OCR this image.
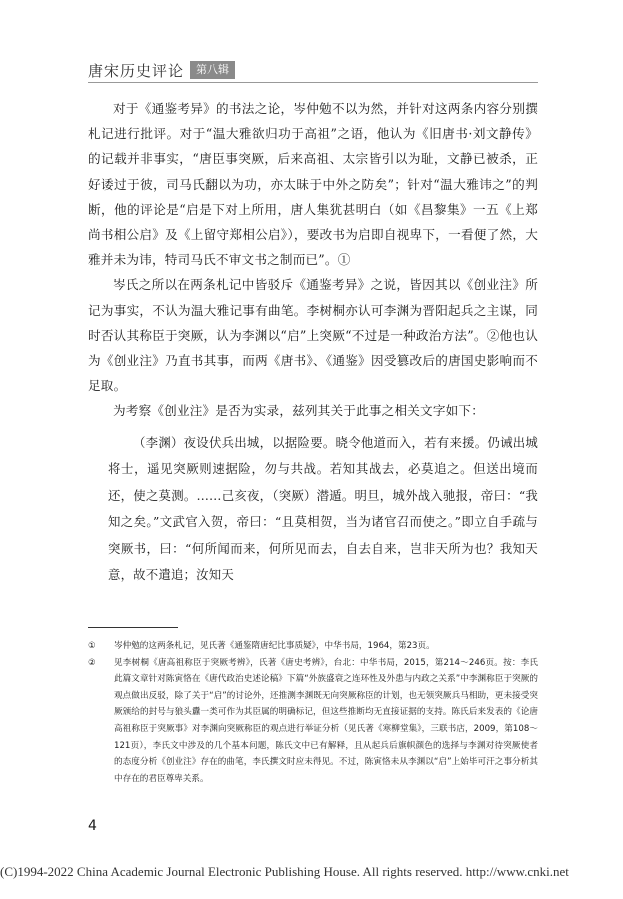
唐宋历史评论	第八辑

对于《通鉴考异》的书法之论，岑仲勉不以为然，并针对这两条内容分别撰札记进行批评。对于“温大雅欲归功于高祖”之语，他认为《旧唐书·刘文静传》的记载并非事实，“唐臣事突厥，后来高祖、太宗皆引以为耻，文静已被杀，正好诿过于彼，司马氏翻以为功，亦太昧于中外之防矣”；针对“温大雅讳之”的判断，他的评论是“启是下对上所用，唐人集犹甚明白（如《昌黎集》一五《上郑尚书相公启》及《上留守郑相公启》），要改书为启即自视卑下，一看便了然，大雅并未为讳，特司马氏不审文书之制而已”。①

岑氏之所以在两条札记中皆驳斥《通鉴考异》之说，皆因其以《创业注》所记为事实，不认为温大雅记事有曲笔。李树桐亦认可李渊为晋阳起兵之主谋，同时否认其称臣于突厥，认为李渊以“启”上突厥“不过是一种政治方法”。②他也认为《创业注》乃直书其事，而两《唐书》、《通鉴》因受篡改后的唐国史影响而不足取。

为考察《创业注》是否为实录，兹列其关于此事之相关文字如下：

（李渊）夜设伏兵出城，以据险要。晓令他道而入，若有来援。仍诫出城将士，遥见突厥则速据险，勿与共战。若知其战去，必莫追之。但送出境而还，使之莫测。……己亥夜，（突厥）潜遁。明旦，城外战入驰报，帝曰：“我知之矣。”文武官入贺，帝曰：“且莫相贺，当为诸官召而使之。”即立自手疏与突厥书，曰：“何所闻而来，何所见而去，自去自来，岂非天所为也？我知天意，故不遣追；汝知天

①	岑仲勉的这两条札记，见氏著《通鉴隋唐纪比事质疑》，中华书局，1964，第23页。
②	见李树桐《唐高祖称臣于突厥考辨》，氏著《唐史考辨》，台北：中华书局，2015，第214～246页。按：李氏此篇文章针对陈寅恪在《唐代政治史述论稿》下篇“外族盛衰之连环性及外患与内政之关系”中李渊称臣于突厥的观点做出反驳，除了关于“启”的讨论外，还推测李渊既无向突厥称臣的计划，也无领突厥兵马相助，更未接受突厥颁给的封号与狼头纛一类可作为其臣属的明确标记，但这些推断均无直接证据的支持。陈氏后来发表的《论唐高祖称臣于突厥事》对李渊向突厥称臣的观点进行举证分析（见氏著《寒柳堂集》，三联书店，2009，第108～121页），李氏文中涉及的几个基本问题，陈氏文中已有解释，且从起兵后旗帜颜色的选择与李渊对待突厥使者的态度分析《创业注》存在的曲笔，李氏撰文时应未得见。不过，陈寅恪未从李渊以“启”上始毕可汗之事分析其中存在的君臣尊卑关系。
4
(C)1994-2022 China Academic Journal Electronic Publishing House. All rights reserved. http://www.cnki.net
